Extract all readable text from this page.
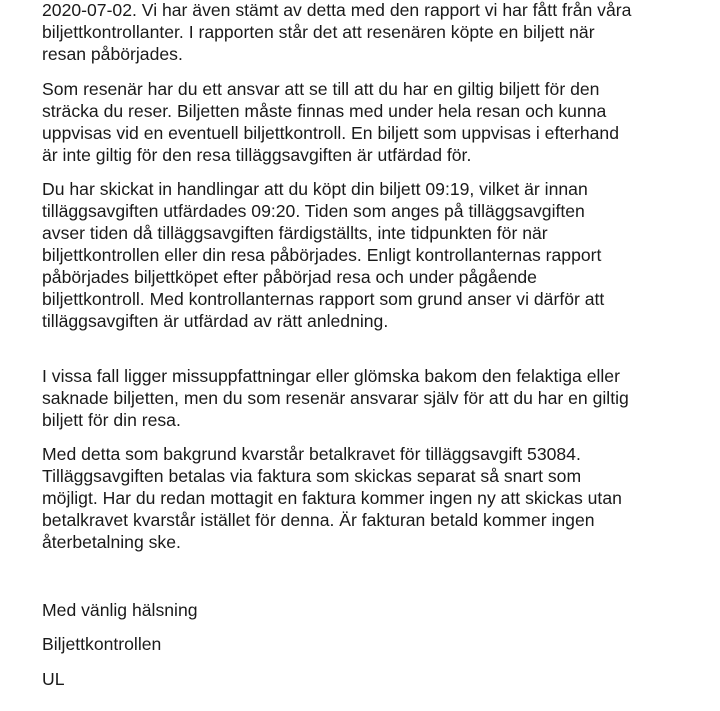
2020-07-02. Vi har även stämt av detta med den rapport vi har fått från våra
biljettkontrollanter. I rapporten står det att resenären köpte en biljett när
resan påbörjades.

Som resenär har du ett ansvar att se till att du har en giltig biljett för den
sträcka du reser. Biljetten måste finnas med under hela resan och kunna
uppvisas vid en eventuell biljettkontroll. En biljett som uppvisas i efterhand
är inte giltig för den resa tilläggsavgiften är utfärdad för.

Du har skickat in handlingar att du köpt din biljett 09:19, vilket är innan
tilläggsavgiften utfärdades 09:20. Tiden som anges på tilläggsavgiften
avser tiden då tilläggsavgiften färdigställts, inte tidpunkten för när
biljettkontrollen eller din resa påbörjades. Enligt kontrollanternas rapport
påbörjades biljettköpet efter påbörjad resa och under pågående
biljettkontroll. Med kontrollanternas rapport som grund anser vi därför att
tilläggsavgiften är utfärdad av rätt anledning.

I vissa fall ligger missuppfattningar eller glömska bakom den felaktiga eller
saknade biljetten, men du som resenär ansvarar själv för att du har en giltig
biljett för din resa.

Med detta som bakgrund kvarstår betalkravet för tilläggsavgift 53084.
Tilläggsavgiften betalas via faktura som skickas separat så snart som
möjligt. Har du redan mottagit en faktura kommer ingen ny att skickas utan
betalkravet kvarstår istället för denna. Är fakturan betald kommer ingen
återbetalning ske.

Med vänlig hälsning

Biljettkontrollen

UL
